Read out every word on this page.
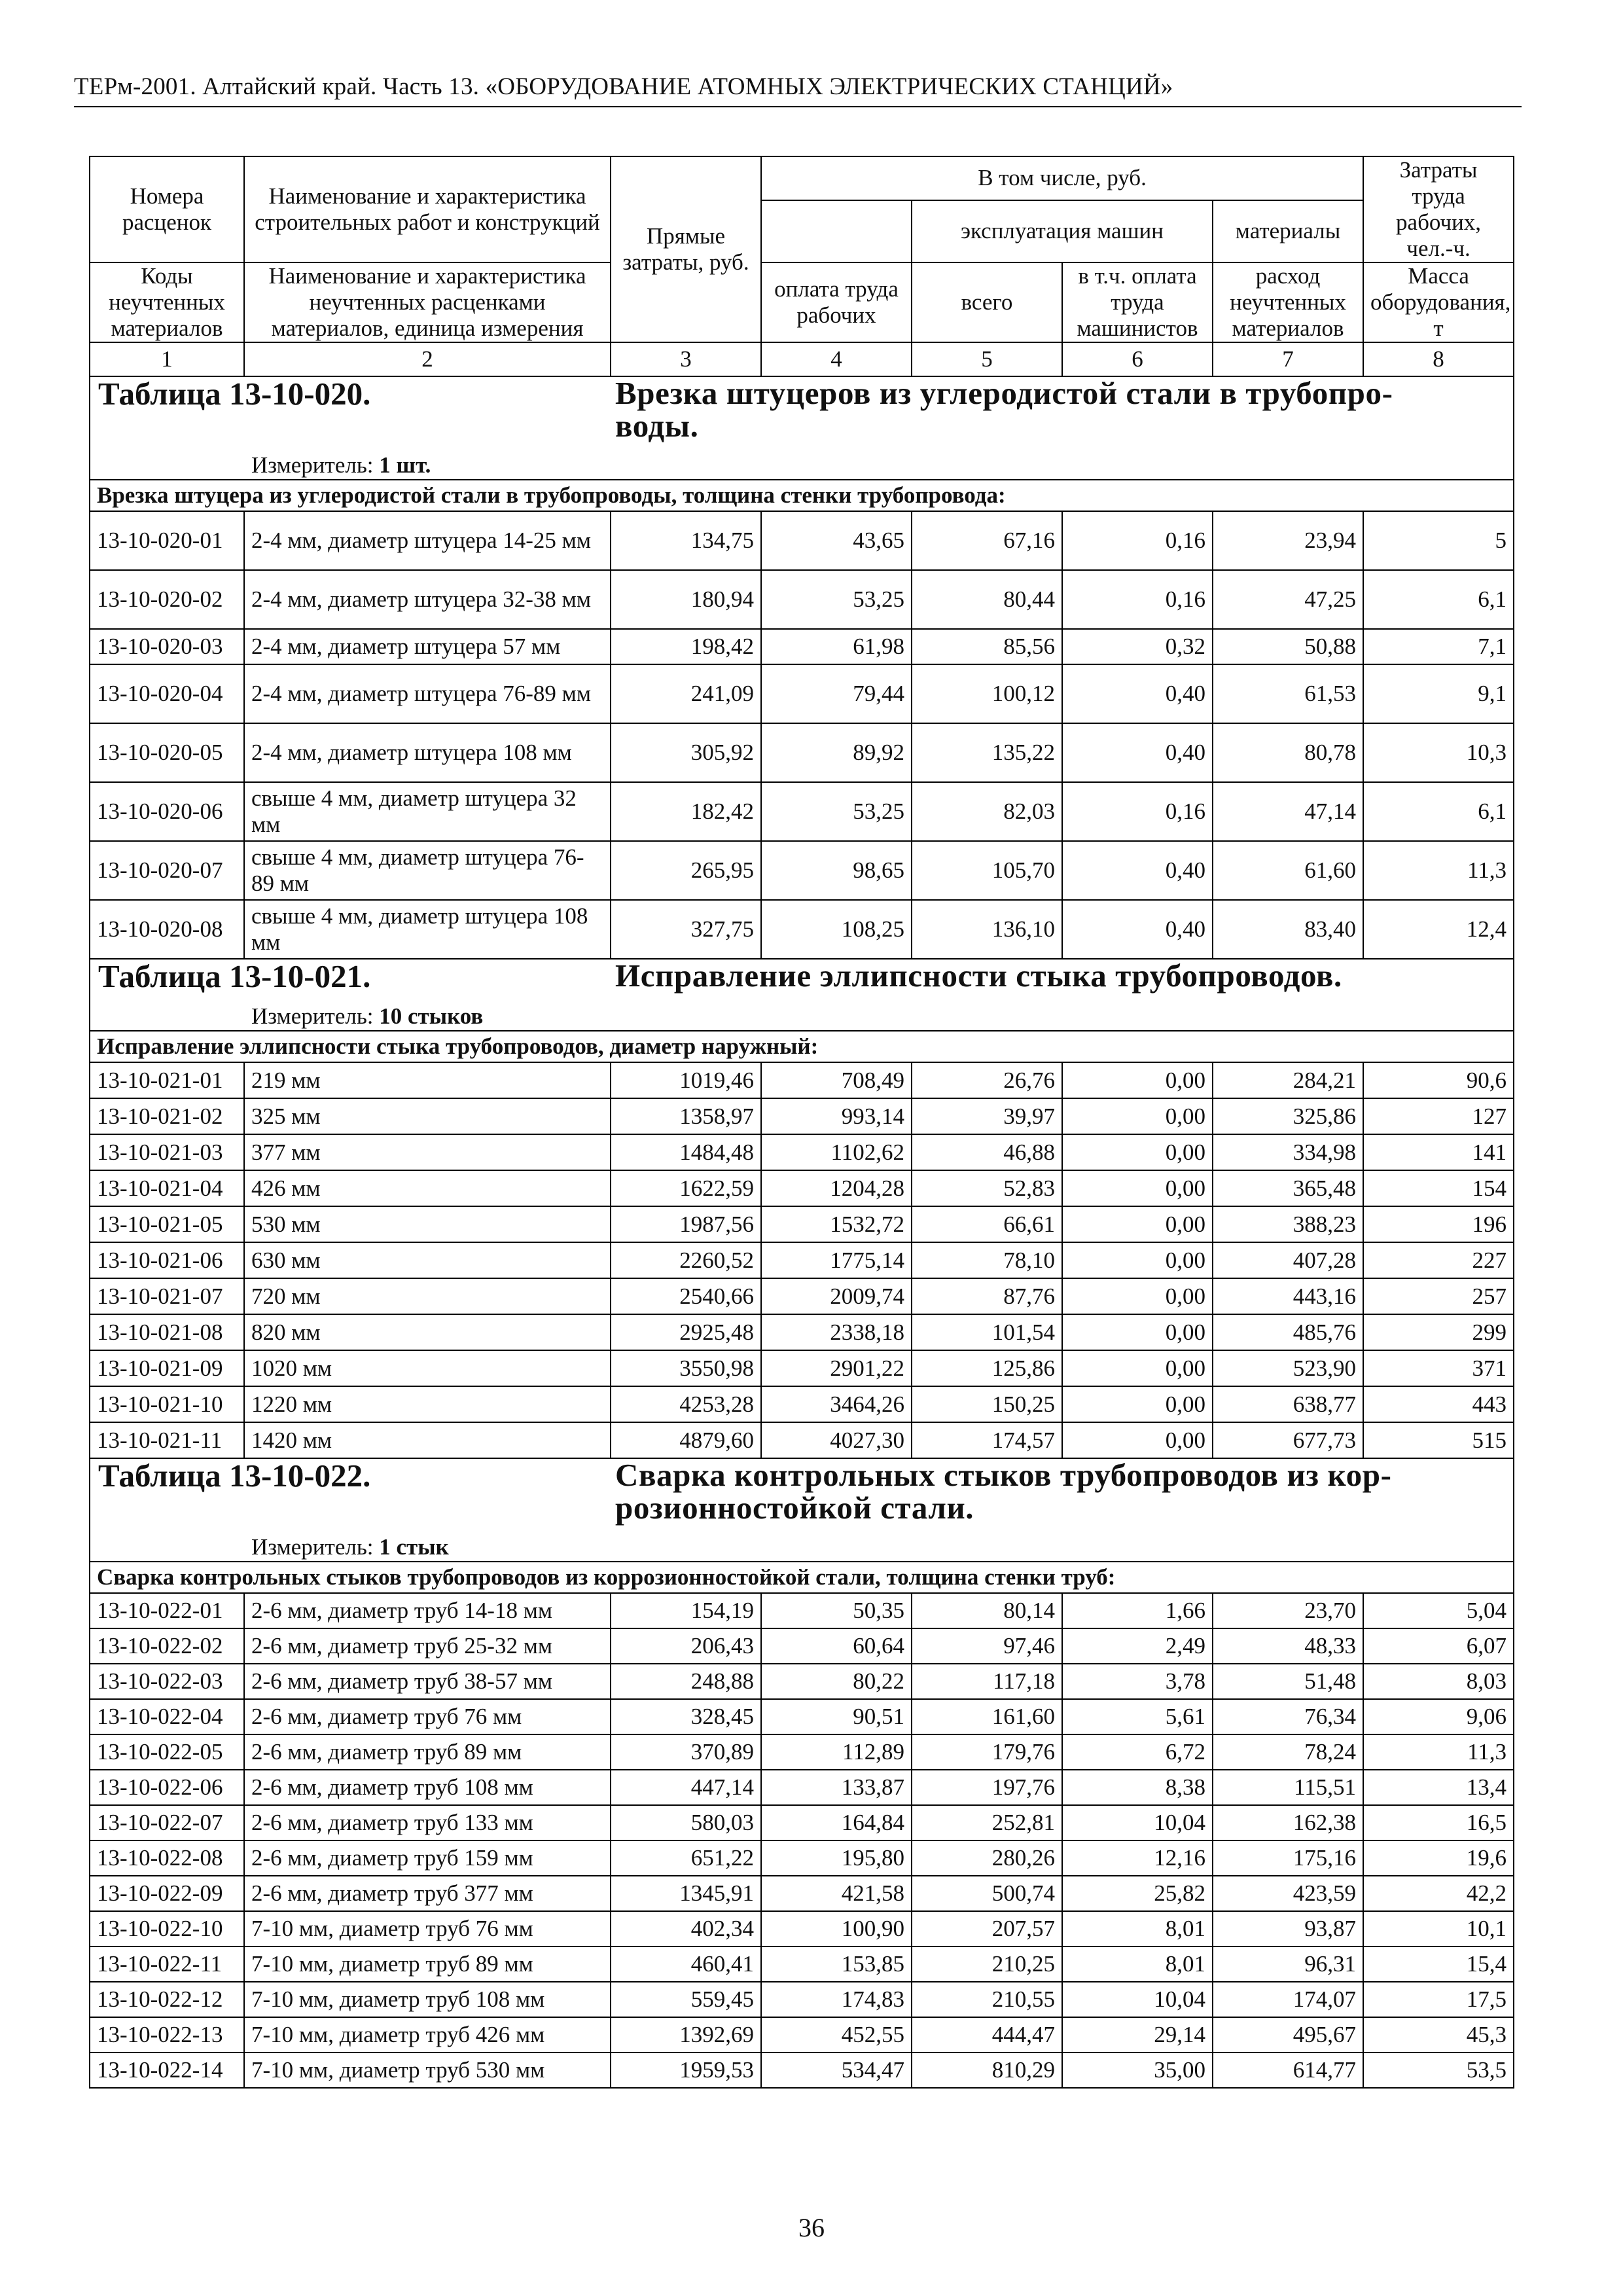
ТЕРм-2001. Алтайский край. Часть 13. «ОБОРУДОВАНИЕ АТОМНЫХ ЭЛЕКТРИЧЕСКИХ СТАНЦИЙ»
Номера расценок	Наименование и характеристика строительных работ и конструкций	Прямые затраты, руб.	В том числе, руб.				Затраты труда рабочих, чел.-ч.
				эксплуатация машин		материалы	
Коды неучтенных материалов	Наименование и характеристика неучтенных расценками материалов, единица измерения		оплата труда рабочих	всего	в т.ч. оплата труда машинистов	расход неучтенных материалов	Масса оборудования, т
1	2	3	4	5	6	7	8

Таблица 13-10-020. Врезка штуцеров из углеродистой стали в трубопро-
воды.
Измеритель: 1 шт.							

Врезка штуцера из углеродистой стали в трубопроводы, толщина стенки трубопровода:							
13-10-020-01	2-4 мм, диаметр штуцера 14-25 мм	134,75	43,65	67,16	0,16	23,94	5
13-10-020-02	2-4 мм, диаметр штуцера 32-38 мм	180,94	53,25	80,44	0,16	47,25	6,1
13-10-020-03	2-4 мм, диаметр штуцера 57 мм	198,42	61,98	85,56	0,32	50,88	7,1
13-10-020-04	2-4 мм, диаметр штуцера 76-89 мм	241,09	79,44	100,12	0,40	61,53	9,1
13-10-020-05	2-4 мм, диаметр штуцера 108 мм	305,92	89,92	135,22	0,40	80,78	10,3
13-10-020-06	свыше 4 мм, диаметр штуцера 32 мм	182,42	53,25	82,03	0,16	47,14	6,1
13-10-020-07	свыше 4 мм, диаметр штуцера 76-89 мм	265,95	98,65	105,70	0,40	61,60	11,3
13-10-020-08	свыше 4 мм, диаметр штуцера 108 мм	327,75	108,25	136,10	0,40	83,40	12,4

Таблица 13-10-021. Исправление эллипсности стыка трубопроводов.
Измеритель: 10 стыков							

Исправление эллипсности стыка трубопроводов, диаметр наружный:							
13-10-021-01	219 мм	1019,46	708,49	26,76	0,00	284,21	90,6
13-10-021-02	325 мм	1358,97	993,14	39,97	0,00	325,86	127
13-10-021-03	377 мм	1484,48	1102,62	46,88	0,00	334,98	141
13-10-021-04	426 мм	1622,59	1204,28	52,83	0,00	365,48	154
13-10-021-05	530 мм	1987,56	1532,72	66,61	0,00	388,23	196
13-10-021-06	630 мм	2260,52	1775,14	78,10	0,00	407,28	227
13-10-021-07	720 мм	2540,66	2009,74	87,76	0,00	443,16	257
13-10-021-08	820 мм	2925,48	2338,18	101,54	0,00	485,76	299
13-10-021-09	1020 мм	3550,98	2901,22	125,86	0,00	523,90	371
13-10-021-10	1220 мм	4253,28	3464,26	150,25	0,00	638,77	443
13-10-021-11	1420 мм	4879,60	4027,30	174,57	0,00	677,73	515

Таблица 13-10-022. Сварка контрольных стыков трубопроводов из кор-
розионностойкой стали.
Измеритель: 1 стык							

Сварка контрольных стыков трубопроводов из коррозионностойкой стали, толщина стенки труб:							
13-10-022-01	2-6 мм, диаметр труб 14-18 мм	154,19	50,35	80,14	1,66	23,70	5,04
13-10-022-02	2-6 мм, диаметр труб 25-32 мм	206,43	60,64	97,46	2,49	48,33	6,07
13-10-022-03	2-6 мм, диаметр труб 38-57 мм	248,88	80,22	117,18	3,78	51,48	8,03
13-10-022-04	2-6 мм, диаметр труб 76 мм	328,45	90,51	161,60	5,61	76,34	9,06
13-10-022-05	2-6 мм, диаметр труб 89 мм	370,89	112,89	179,76	6,72	78,24	11,3
13-10-022-06	2-6 мм, диаметр труб 108 мм	447,14	133,87	197,76	8,38	115,51	13,4
13-10-022-07	2-6 мм, диаметр труб 133 мм	580,03	164,84	252,81	10,04	162,38	16,5
13-10-022-08	2-6 мм, диаметр труб 159 мм	651,22	195,80	280,26	12,16	175,16	19,6
13-10-022-09	2-6 мм, диаметр труб 377 мм	1345,91	421,58	500,74	25,82	423,59	42,2
13-10-022-10	7-10 мм, диаметр труб 76 мм	402,34	100,90	207,57	8,01	93,87	10,1
13-10-022-11	7-10 мм, диаметр труб 89 мм	460,41	153,85	210,25	8,01	96,31	15,4
13-10-022-12	7-10 мм, диаметр труб 108 мм	559,45	174,83	210,55	10,04	174,07	17,5
13-10-022-13	7-10 мм, диаметр труб 426 мм	1392,69	452,55	444,47	29,14	495,67	45,3
13-10-022-14	7-10 мм, диаметр труб 530 мм	1959,53	534,47	810,29	35,00	614,77	53,5
36
